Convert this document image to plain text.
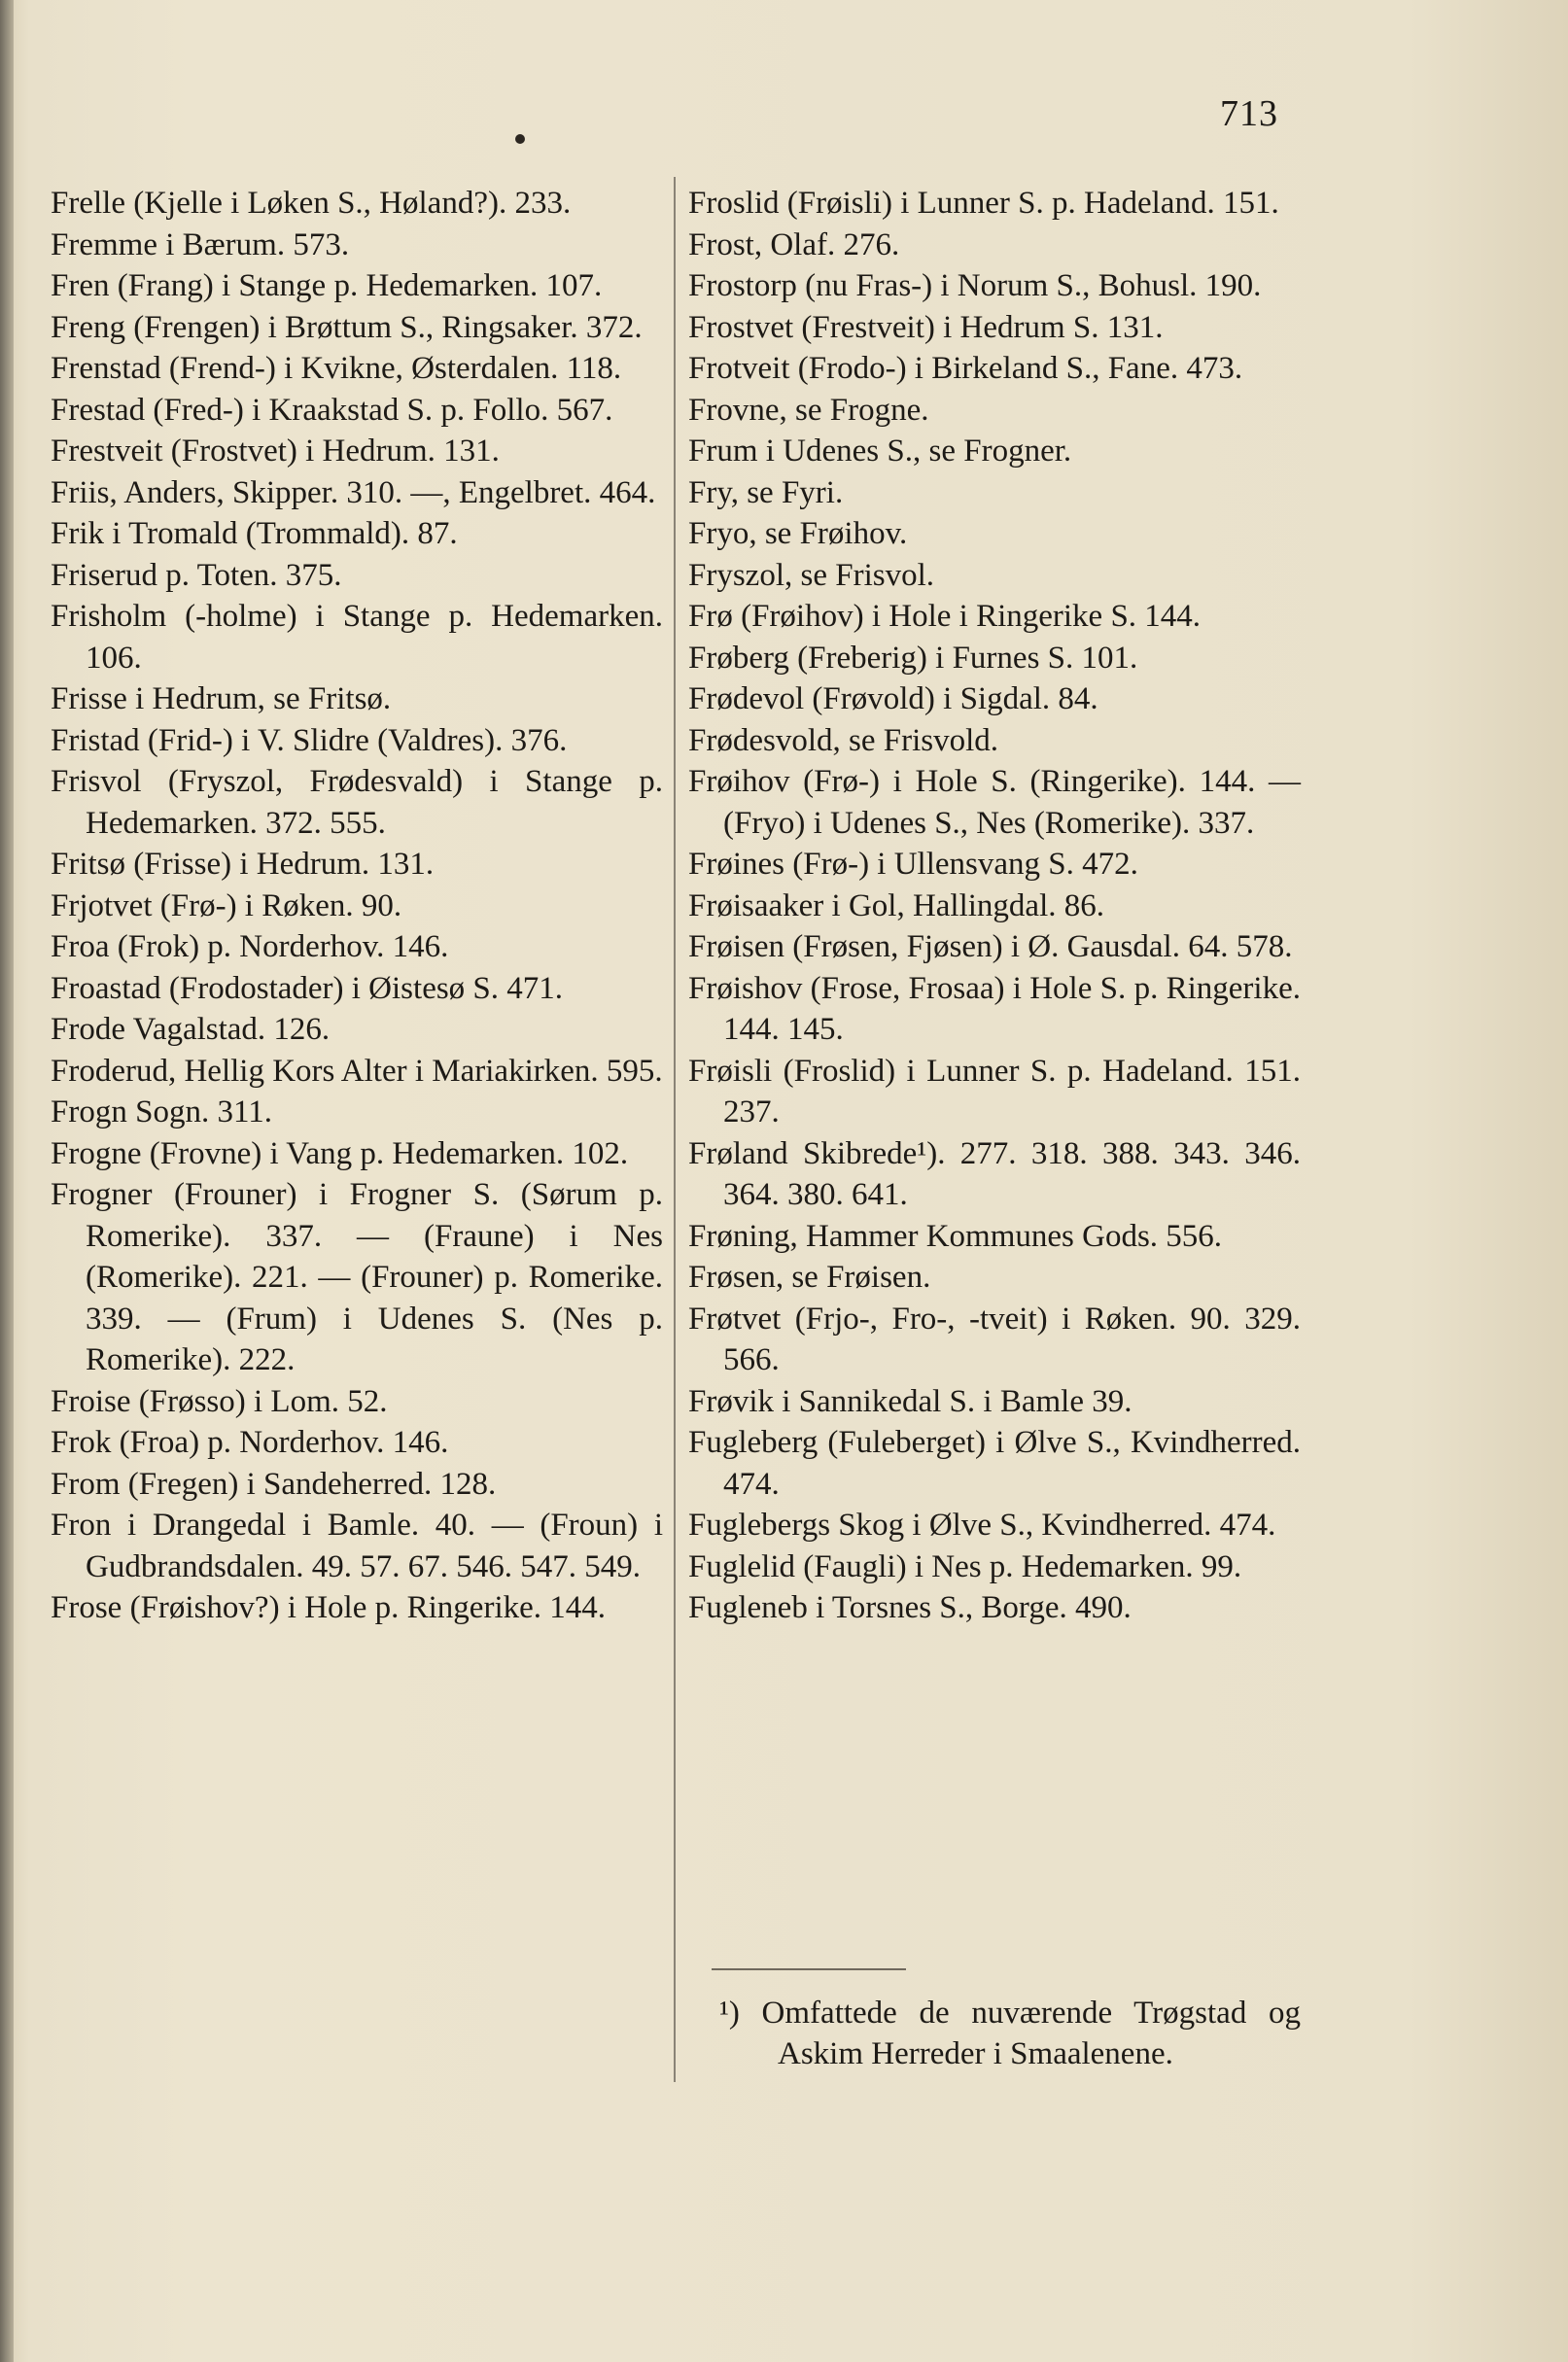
713

Frelle (Kjelle i Løken S., Høland?). 233.

Fremme i Bærum. 573.

Fren (Frang) i Stange p. Hedemarken. 107.

Freng (Frengen) i Brøttum S., Ringsaker. 372.

Frenstad (Frend-) i Kvikne, Østerdalen. 118.

Frestad (Fred-) i Kraakstad S. p. Follo. 567.

Frestveit (Frostvet) i Hedrum. 131.

Friis, Anders, Skipper. 310. —, Engelbret. 464.

Frik i Tromald (Trommald). 87.

Friserud p. Toten. 375.

Frisholm (-holme) i Stange p. Hedemarken. 106.

Frisse i Hedrum, se Fritsø.

Fristad (Frid-) i V. Slidre (Valdres). 376.

Frisvol (Fryszol, Frødesvald) i Stange p. Hedemarken. 372. 555.

Fritsø (Frisse) i Hedrum. 131.

Frjotvet (Frø-) i Røken. 90.

Froa (Frok) p. Norderhov. 146.

Froastad (Frodostader) i Øistesø S. 471.

Frode Vagalstad. 126.

Froderud, Hellig Kors Alter i Mariakirken. 595.

Frogn Sogn. 311.

Frogne (Frovne) i Vang p. Hedemarken. 102.

Frogner (Frouner) i Frogner S. (Sørum p. Romerike). 337. — (Fraune) i Nes (Romerike). 221. — (Frouner) p. Romerike. 339. — (Frum) i Udenes S. (Nes p. Romerike). 222.

Froise (Frøsso) i Lom. 52.

Frok (Froa) p. Norderhov. 146.

From (Fregen) i Sandeherred. 128.

Fron i Drangedal i Bamle. 40. — (Froun) i Gudbrandsdalen. 49. 57. 67. 546. 547. 549.

Frose (Frøishov?) i Hole p. Ringerike. 144.

Froslid (Frøisli) i Lunner S. p. Hadeland. 151.

Frost, Olaf. 276.

Frostorp (nu Fras-) i Norum S., Bohusl. 190.

Frostvet (Frestveit) i Hedrum S. 131.

Frotveit (Frodo-) i Birkeland S., Fane. 473.

Frovne, se Frogne.

Frum i Udenes S., se Frogner.

Fry, se Fyri.

Fryo, se Frøihov.

Fryszol, se Frisvol.

Frø (Frøihov) i Hole i Ringerike S. 144.

Frøberg (Freberig) i Furnes S. 101.

Frødevol (Frøvold) i Sigdal. 84.

Frødesvold, se Frisvold.

Frøihov (Frø-) i Hole S. (Ringerike). 144. — (Fryo) i Udenes S., Nes (Romerike). 337.

Frøines (Frø-) i Ullensvang S. 472.

Frøisaaker i Gol, Hallingdal. 86.

Frøisen (Frøsen, Fjøsen) i Ø. Gausdal. 64. 578.

Frøishov (Frose, Frosaa) i Hole S. p. Ringerike. 144. 145.

Frøisli (Froslid) i Lunner S. p. Hadeland. 151. 237.

Frøland Skibrede¹). 277. 318. 388. 343. 346. 364. 380. 641.

Frøning, Hammer Kommunes Gods. 556.

Frøsen, se Frøisen.

Frøtvet (Frjo-, Fro-, -tveit) i Røken. 90. 329. 566.

Frøvik i Sannikedal S. i Bamle 39.

Fugleberg (Fuleberget) i Ølve S., Kvindherred. 474.

Fuglebergs Skog i Ølve S., Kvindherred. 474.

Fuglelid (Faugli) i Nes p. Hedemarken. 99.

Fugleneb i Torsnes S., Borge. 490.

¹) Omfattede de nuværende Trøgstad og Askim Herreder i Smaalenene.
